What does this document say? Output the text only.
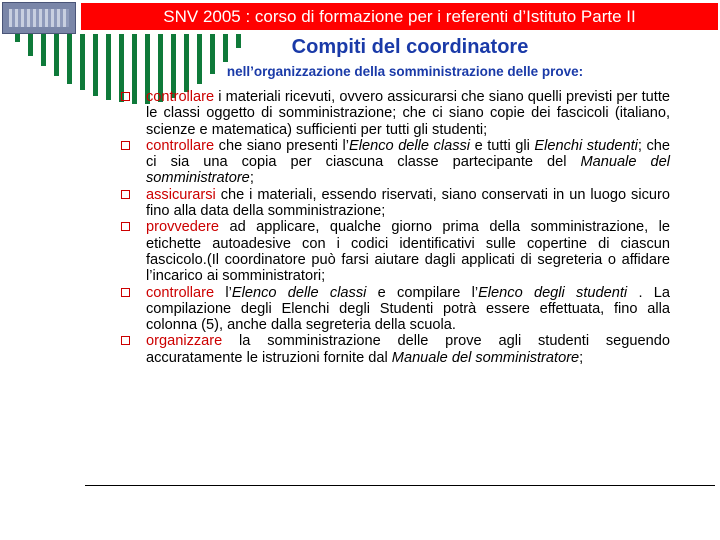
SNV 2005 : corso di formazione per i referenti d’Istituto Parte II
Compiti del coordinatore
nell’organizzazione della somministrazione delle prove:
controllare i materiali ricevuti, ovvero assicurarsi che siano quelli previsti per tutte le classi oggetto di somministrazione; che ci siano copie dei fascicoli (italiano, scienze e matematica) sufficienti per tutti gli studenti;
controllare che siano presenti l’Elenco delle classi e tutti gli Elenchi studenti; che ci sia una copia per ciascuna classe partecipante del Manuale del somministratore;
assicurarsi che i materiali, essendo riservati, siano conservati in un luogo sicuro fino alla data della somministrazione;
provvedere ad applicare, qualche giorno prima della somministrazione, le etichette autoadesive con i codici identificativi sulle copertine di ciascun fascicolo.(Il coordinatore può farsi aiutare dagli applicati di segreteria o affidare l’incarico ai somministratori;
controllare l’Elenco delle classi e compilare l’Elenco degli studenti . La compilazione degli Elenchi degli Studenti potrà essere effettuata, fino alla colonna (5), anche dalla segreteria della scuola.
organizzare la somministrazione delle prove agli studenti seguendo accuratamente le istruzioni fornite dal Manuale del somministratore;
